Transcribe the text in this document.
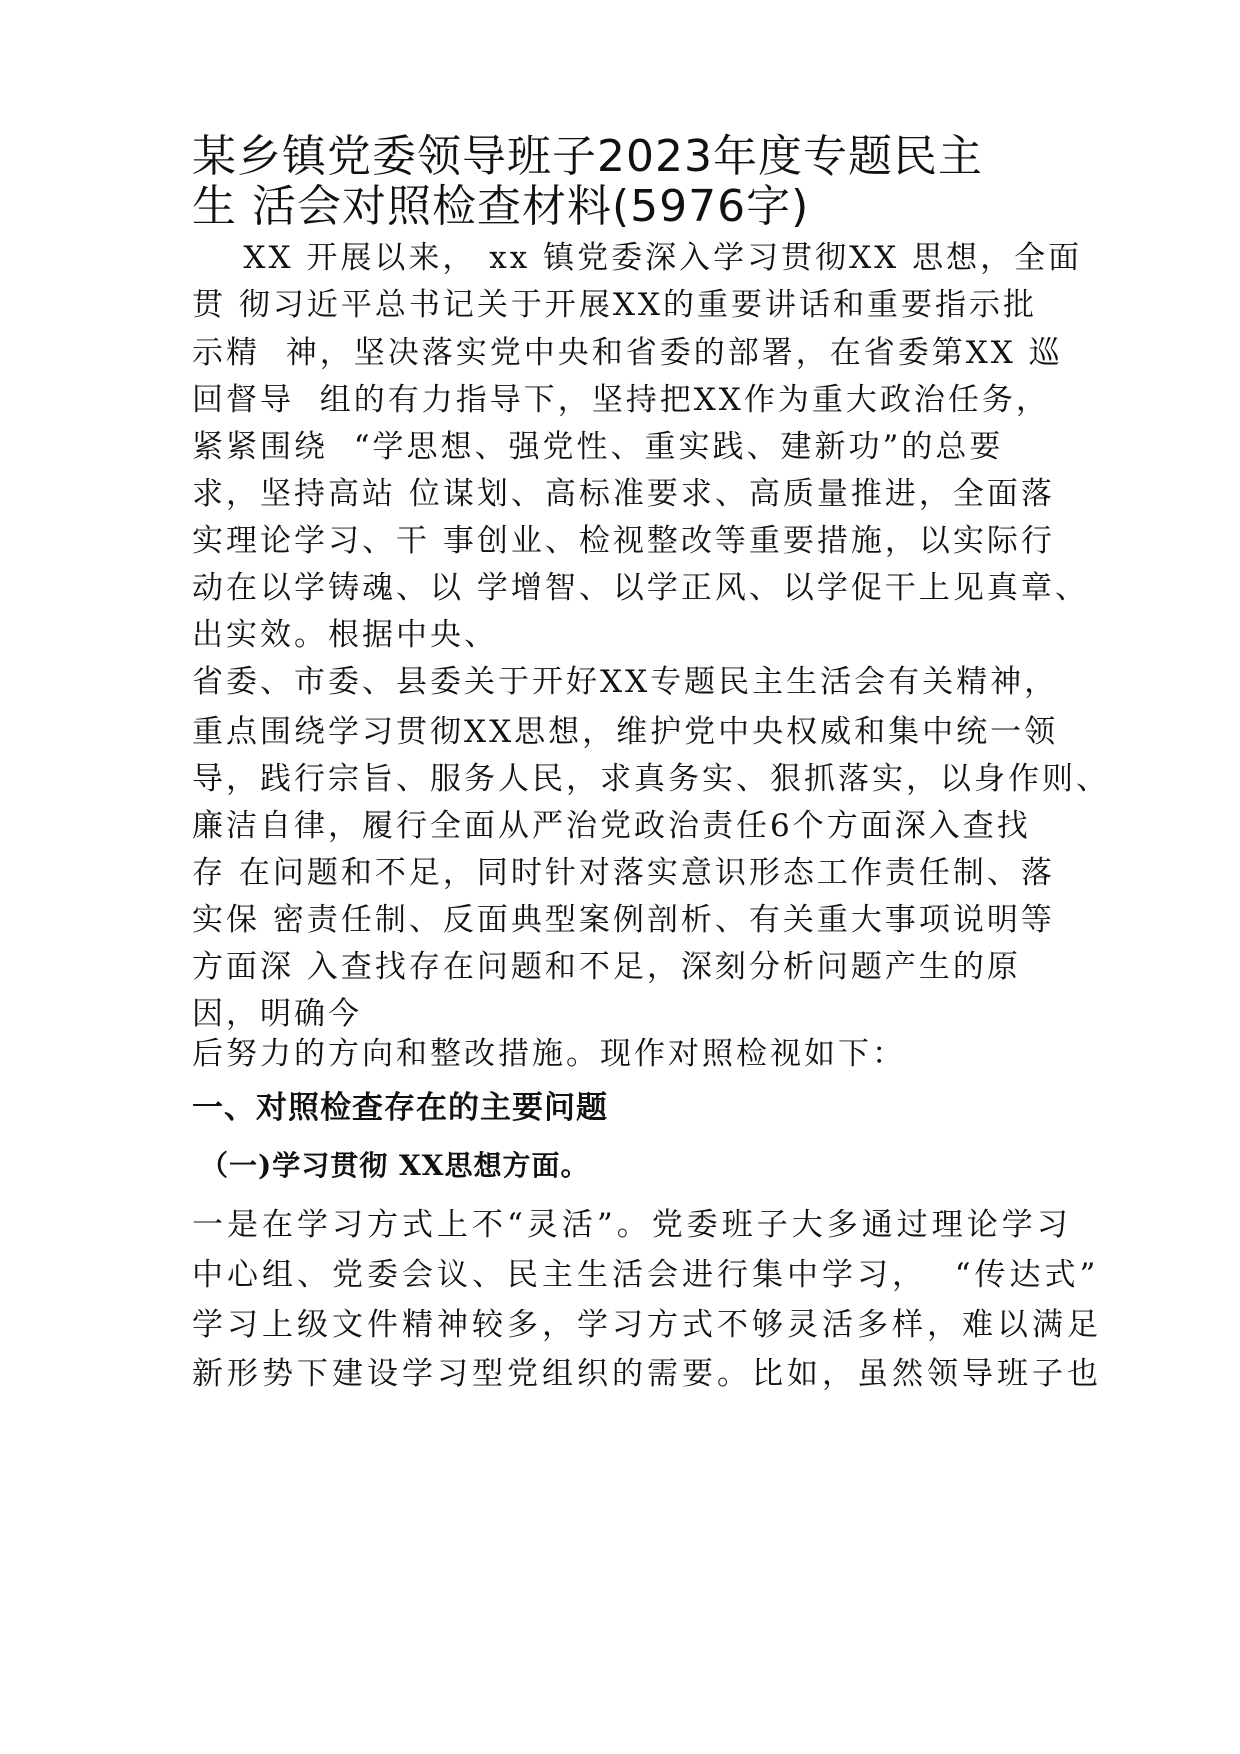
某乡镇党委领导班子2023年度专题民主
生 活会对照检查材料(5976字)
XX 开展以来， xx 镇党委深入学习贯彻XX 思想，全面
贯 彻习近平总书记关于开展XX的重要讲话和重要指示批
示精  神，坚决落实党中央和省委的部署，在省委第XX 巡
回督导  组的有力指导下，坚持把XX作为重大政治任务，
紧紧围绕  “学思想、强党性、重实践、建新功”的总要
求，坚持高站 位谋划、高标准要求、高质量推进，全面落
实理论学习、干 事创业、检视整改等重要措施，以实际行
动在以学铸魂、以 学增智、以学正风、以学促干上见真章、
出实效。根据中央、
省委、市委、县委关于开好XX专题民主生活会有关精神，
重点围绕学习贯彻XX思想，维护党中央权威和集中统一领
导，践行宗旨、服务人民，求真务实、狠抓落实，以身作则、
廉洁自律，履行全面从严治党政治责任6个方面深入查找
存 在问题和不足，同时针对落实意识形态工作责任制、落
实保 密责任制、反面典型案例剖析、有关重大事项说明等
方面深 入查找存在问题和不足，深刻分析问题产生的原
因，明确今
后努力的方向和整改措施。现作对照检视如下：
一、对照检查存在的主要问题
（一)学习贯彻 XX思想方面。
一是在学习方式上不“灵活”。党委班子大多通过理论学习
中心组、党委会议、民主生活会进行集中学习，  “传达式”
学习上级文件精神较多，学习方式不够灵活多样，难以满足
新形势下建设学习型党组织的需要。比如，虽然领导班子也
